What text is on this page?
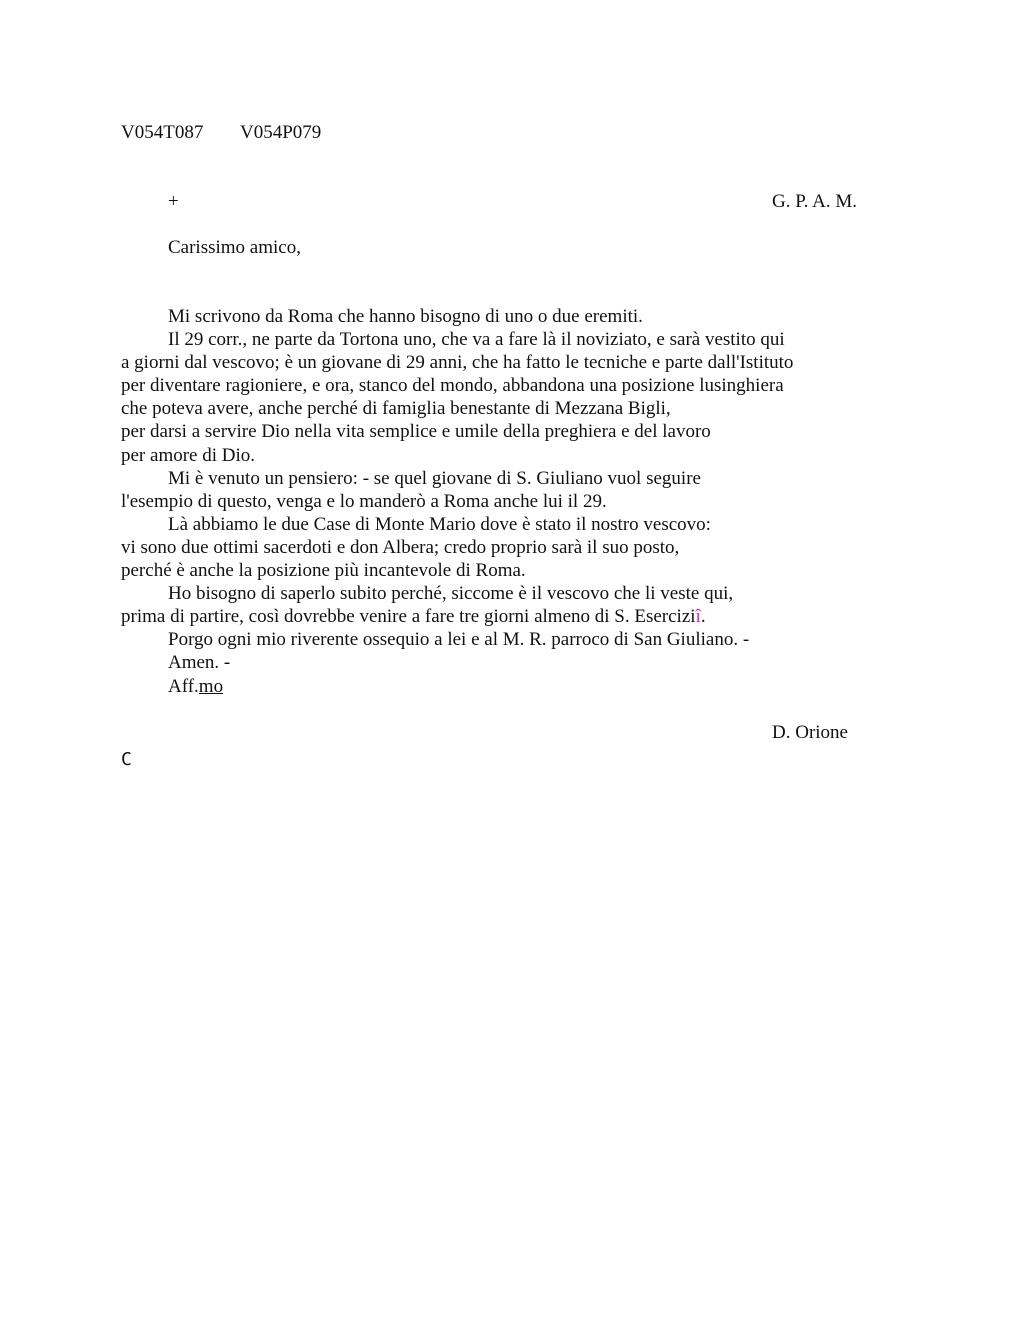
V054T087 V054P079
+	G. P. A. M.
Carissimo amico,
Mi scrivono da Roma che hanno bisogno di uno o due eremiti.
Il 29 corr., ne parte da Tortona uno, che va a fare là il noviziato, e sarà vestito qui
a giorni dal vescovo; è un giovane di 29 anni, che ha fatto le tecniche e parte dall'Istituto
per diventare ragioniere, e ora, stanco del mondo, abbandona una posizione lusinghiera
che poteva avere, anche perché di famiglia benestante di Mezzana Bigli,
per darsi a servire Dio nella vita semplice e umile della preghiera e del lavoro
per amore di Dio.
Mi è venuto un pensiero: - se quel giovane di S. Giuliano vuol seguire
l'esempio di questo, venga e lo manderò a Roma anche lui il 29.
Là abbiamo le due Case di Monte Mario dove è stato il nostro vescovo:
vi sono due ottimi sacerdoti e don Albera; credo proprio sarà il suo posto,
perché è anche la posizione più incantevole di Roma.
Ho bisogno di saperlo subito perché, siccome è il vescovo che li veste qui,
prima di partire, così dovrebbe venire a fare tre giorni almeno di S. Eserciziî.
Porgo ogni mio riverente ossequio a lei e al M. R. parroco di San Giuliano. -
Amen. -
Aff.mo
D. Orione
C
